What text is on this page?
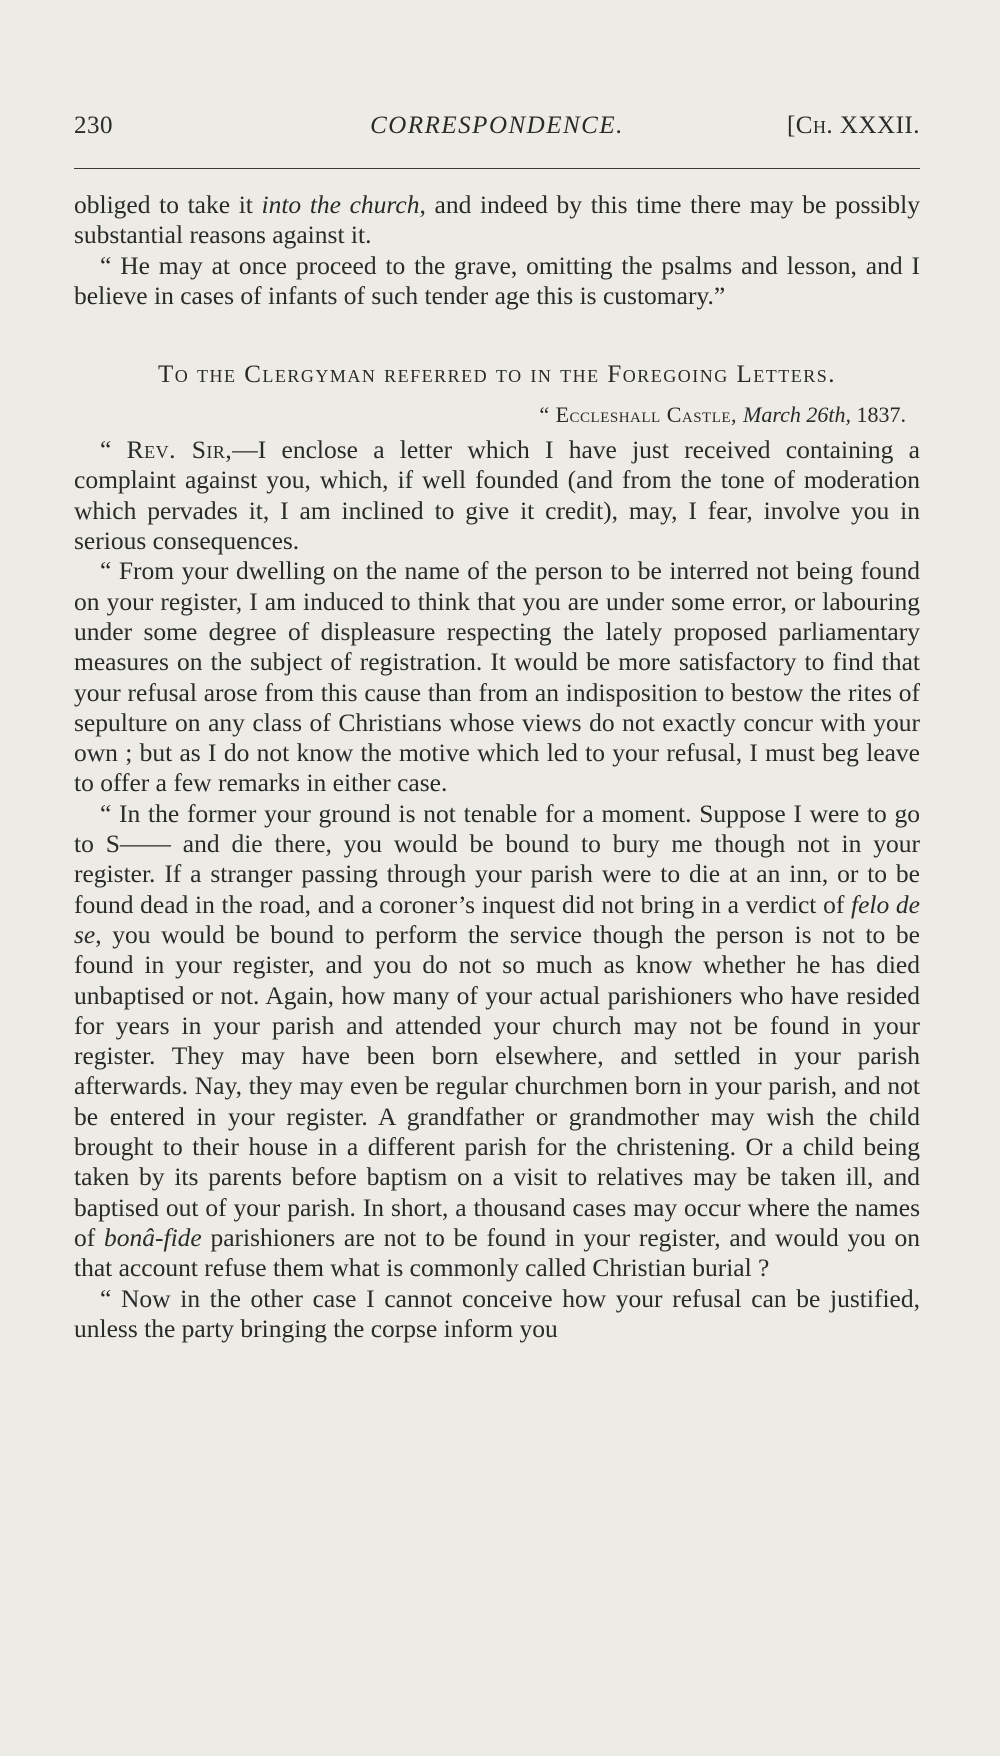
230	CORRESPONDENCE.	[Ch. XXXII.

obliged to take it into the church, and indeed by this time there may be possibly substantial reasons against it.

“ He may at once proceed to the grave, omitting the psalms and lesson, and I believe in cases of infants of such tender age this is customary.”

To the Clergyman referred to in the Foregoing Letters.
“ Eccleshall Castle, March 26th, 1837.

“ Rev. Sir,—I enclose a letter which I have just received containing a complaint against you, which, if well founded (and from the tone of moderation which pervades it, I am inclined to give it credit), may, I fear, involve you in serious consequences.

“ From your dwelling on the name of the person to be interred not being found on your register, I am induced to think that you are under some error, or labouring under some degree of displeasure respecting the lately proposed parliamentary measures on the subject of registration. It would be more satisfactory to find that your refusal arose from this cause than from an indisposition to bestow the rites of sepulture on any class of Christians whose views do not exactly concur with your own ; but as I do not know the motive which led to your refusal, I must beg leave to offer a few remarks in either case.

“ In the former your ground is not tenable for a moment. Suppose I were to go to S—— and die there, you would be bound to bury me though not in your register. If a stranger passing through your parish were to die at an inn, or to be found dead in the road, and a coroner’s inquest did not bring in a verdict of felo de se, you would be bound to perform the service though the person is not to be found in your register, and you do not so much as know whether he has died unbaptised or not. Again, how many of your actual parishioners who have resided for years in your parish and attended your church may not be found in your register. They may have been born elsewhere, and settled in your parish afterwards. Nay, they may even be regular churchmen born in your parish, and not be entered in your register. A grandfather or grandmother may wish the child brought to their house in a different parish for the christening. Or a child being taken by its parents before baptism on a visit to relatives may be taken ill, and baptised out of your parish. In short, a thousand cases may occur where the names of bonâ-fide parishioners are not to be found in your register, and would you on that account refuse them what is commonly called Christian burial ?

“ Now in the other case I cannot conceive how your refusal can be justified, unless the party bringing the corpse inform you
